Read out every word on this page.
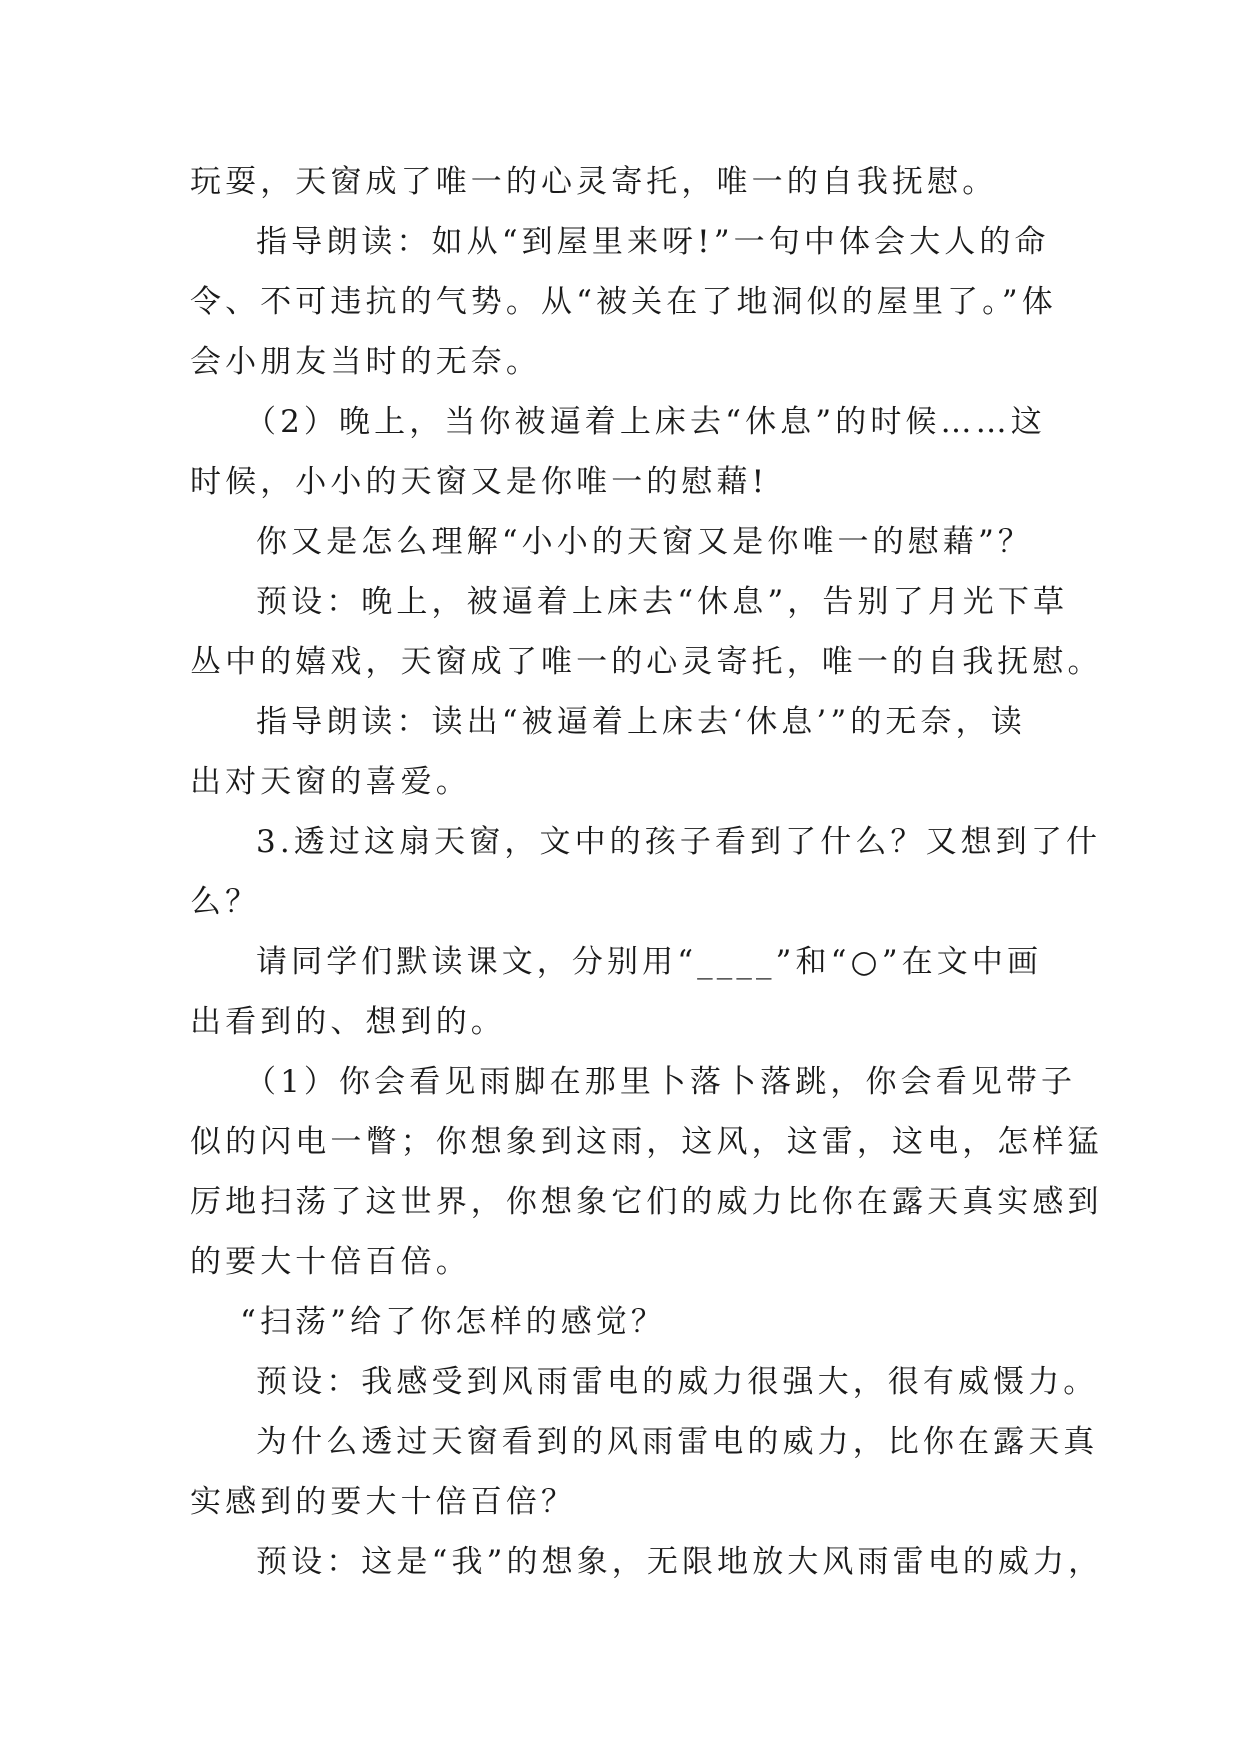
玩耍，天窗成了唯一的心灵寄托，唯一的自我抚慰。
指导朗读：如从“到屋里来呀!”一句中体会大人的命
令、不可违抗的气势。从“被关在了地洞似的屋里了。”体
会小朋友当时的无奈。
（2）晚上，当你被逼着上床去“休息”的时候……这
时候，小小的天窗又是你唯一的慰藉!
你又是怎么理解“小小的天窗又是你唯一的慰藉”？
预设：晚上，被逼着上床去“休息”，告别了月光下草
丛中的嬉戏，天窗成了唯一的心灵寄托，唯一的自我抚慰。
指导朗读：读出“被逼着上床去‘休息’”的无奈，读
出对天窗的喜爱。
3.透过这扇天窗，文中的孩子看到了什么？又想到了什
么？
请同学们默读课文，分别用“____”和“○”在文中画
出看到的、想到的。
（1）你会看见雨脚在那里卜落卜落跳，你会看见带子
似的闪电一瞥；你想象到这雨，这风，这雷，这电，怎样猛
厉地扫荡了这世界，你想象它们的威力比你在露天真实感到
的要大十倍百倍。
“扫荡”给了你怎样的感觉？
预设：我感受到风雨雷电的威力很强大，很有威慑力。
为什么透过天窗看到的风雨雷电的威力，比你在露天真
实感到的要大十倍百倍？
预设：这是“我”的想象，无限地放大风雨雷电的威力，
